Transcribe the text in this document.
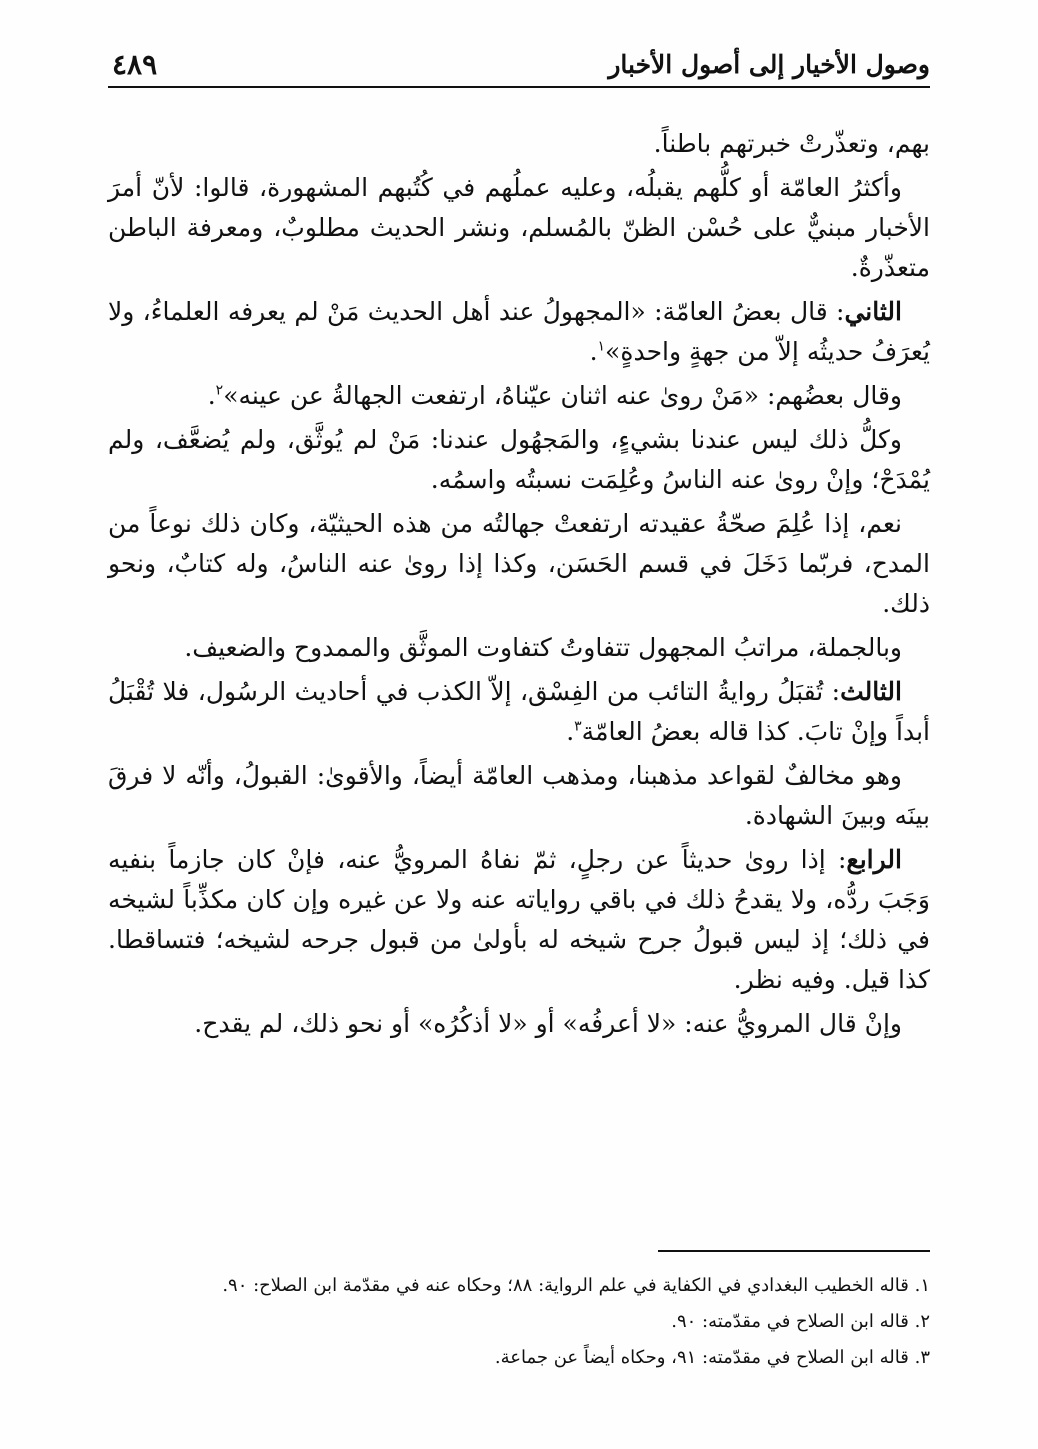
وصول الأخيار إلى أصول الأخبار
٤٨٩

بهم، وتعذّرتْ خبرتهم باطناً.

وأكثرُ العامّة أو كلُّهم يقبلُه، وعليه عملُهم في كُتُبهم المشهورة، قالوا: لأنّ أمرَ الأخبار مبنيٌّ على حُسْن الظنّ بالمُسلم، ونشر الحديث مطلوبٌ، ومعرفة الباطن متعذّرةٌ.

الثاني: قال بعضُ العامّة: «المجهولُ عند أهل الحديث مَنْ لم يعرفه العلماءُ، ولا يُعرَفُ حديثُه إلاّ من جهةٍ واحدةٍ»$^١$.

وقال بعضُهم: «مَنْ روىٰ عنه اثنان عيّناهُ، ارتفعت الجهالةُ عن عينه»$^٢$.

وكلُّ ذلك ليس عندنا بشيءٍ، والمَجهُول عندنا: مَنْ لم يُوثَّق، ولم يُضعَّف، ولم يُمْدَحْ؛ وإنْ روىٰ عنه الناسُ وعُلِمَت نسبتُه واسمُه.

نعم، إذا عُلِمَ صحّةُ عقيدته ارتفعتْ جهالتُه من هذه الحيثيّة، وكان ذلك نوعاً من المدح، فربّما دَخَلَ في قسم الحَسَن، وكذا إذا روىٰ عنه الناسُ، وله كتابٌ، ونحو ذلك.

وبالجملة، مراتبُ المجهول تتفاوتُ كتفاوت الموثَّق والممدوح والضعيف.

الثالث: تُقبَلُ روايةُ التائب من الفِسْق، إلاّ الكذب في أحاديث الرسُول، فلا تُقْبَلُ أبداً وإنْ تابَ. كذا قاله بعضُ العامّة$^٣$.

وهو مخالفٌ لقواعد مذهبنا، ومذهب العامّة أيضاً، والأقوىٰ: القبولُ، وأنّه لا فرقَ بينَه وبينَ الشهادة.

الرابع: إذا روىٰ حديثاً عن رجلٍ، ثمّ نفاهُ المرويُّ عنه، فإنْ كان جازماً بنفيه وَجَبَ ردُّه، ولا يقدحُ ذلك في باقي رواياته عنه ولا عن غيره وإن كان مكذِّباً لشيخه في ذلك؛ إذ ليس قبولُ جرح شيخه له بأولىٰ من قبول جرحه لشيخه؛ فتساقطا. كذا قيل. وفيه نظر.

وإنْ قال المرويُّ عنه: «لا أعرفُه» أو «لا أذكُرُه» أو نحو ذلك، لم يقدح.

١. قاله الخطيب البغدادي في الكفاية في علم الرواية: ٨٨؛ وحكاه عنه في مقدّمة ابن الصلاح: ٩٠.
٢. قاله ابن الصلاح في مقدّمته: ٩٠.
٣. قاله ابن الصلاح في مقدّمته: ٩١، وحكاه أيضاً عن جماعة.
